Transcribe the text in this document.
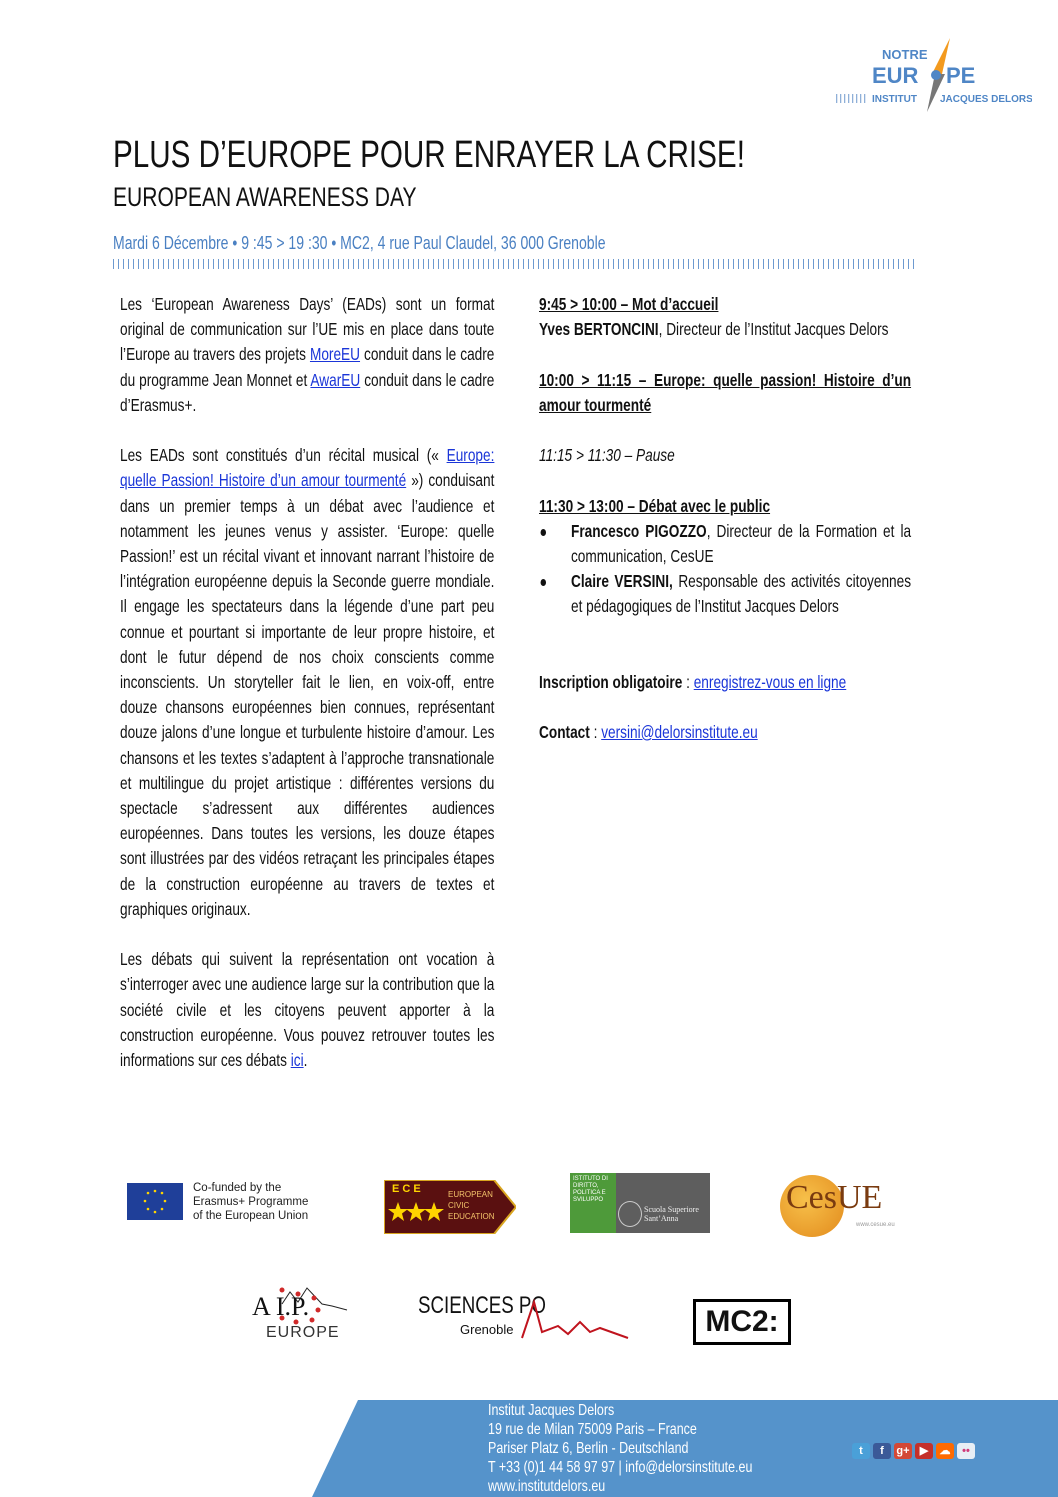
NOTRE
EUR PE
INSTITUT JACQUES DELORS
PLUS D’EUROPE POUR ENRAYER LA CRISE!
EUROPEAN AWARENESS DAY
Mardi 6 Décembre • 9 :45 > 19 :30 • MC2, 4 rue Paul Claudel, 36 000 Grenoble

Les ‘European Awareness Days’ (EADs) sont un format original de communication sur l’UE mis en place dans toute l’Europe au travers des projets MoreEU conduit dans le cadre du programme Jean Monnet et AwarEU conduit dans le cadre d’Erasmus+.

Les EADs sont constitués d’un récital musical (« Europe: quelle Passion! Histoire d’un amour tourmenté ») conduisant dans un premier temps à un débat avec l’audience et notamment les jeunes venus y assister. ‘Europe: quelle Passion!’ est un récital vivant et innovant narrant l’histoire de l’intégration européenne depuis la Seconde guerre mondiale. Il engage les spectateurs dans la légende d’une part peu connue et pourtant si importante de leur propre histoire, et dont le futur dépend de nos choix conscients comme inconscients. Un storyteller fait le lien, en voix-off, entre douze chansons européennes bien connues, représentant douze jalons d’une longue et turbulente histoire d’amour. Les chansons et les textes s’adaptent à l’approche transnationale et multilingue du projet artistique : différentes versions du spectacle s’adressent aux différentes audiences européennes. Dans toutes les versions, les douze étapes sont illustrées par des vidéos retraçant les principales étapes de la construction européenne au travers de textes et graphiques originaux.

Les débats qui suivent la représentation ont vocation à s’interroger avec une audience large sur la contribution que la société civile et les citoyens peuvent apporter à la construction européenne. Vous pouvez retrouver toutes les informations sur ces débats ici.

9:45 > 10:00 – Mot d’accueil

Yves BERTONCINI, Directeur de l’Institut Jacques Delors

10:00 > 11:15 – Europe: quelle passion! Histoire d’un amour tourmenté

11:15 > 11:30 – Pause

11:30 > 13:00 – Débat avec le public
Francesco PIGOZZO, Directeur de la Formation et la communication, CesUE
Claire VERSINI, Responsable des activités citoyennes et pédagogiques de l’Institut Jacques Delors

Inscription obligatoire : enregistrez-vous en ligne

Contact : versini@delorsinstitute.eu

Co-funded by the
Erasmus+ Programme
of the European Union
E C E	EUROPEAN
CIVIC
EDUCATION
ISTITUTO DI DIRITTO, POLITICA E SVILUPPO
Scuola Superiore Sant’Anna
CesUE
www.cesue.eu
A I.P.
EUROPE
SCIENCES PO
Grenoble	MC2:
Institut Jacques Delors
19 rue de Milan 75009 Paris – France
Pariser Platz 6, Berlin - Deutschland
T +33 (0)1 44 58 97 97 | info@delorsinstitute.eu
www.institutdelors.eu
t	f	g+ ▶	☁	••
